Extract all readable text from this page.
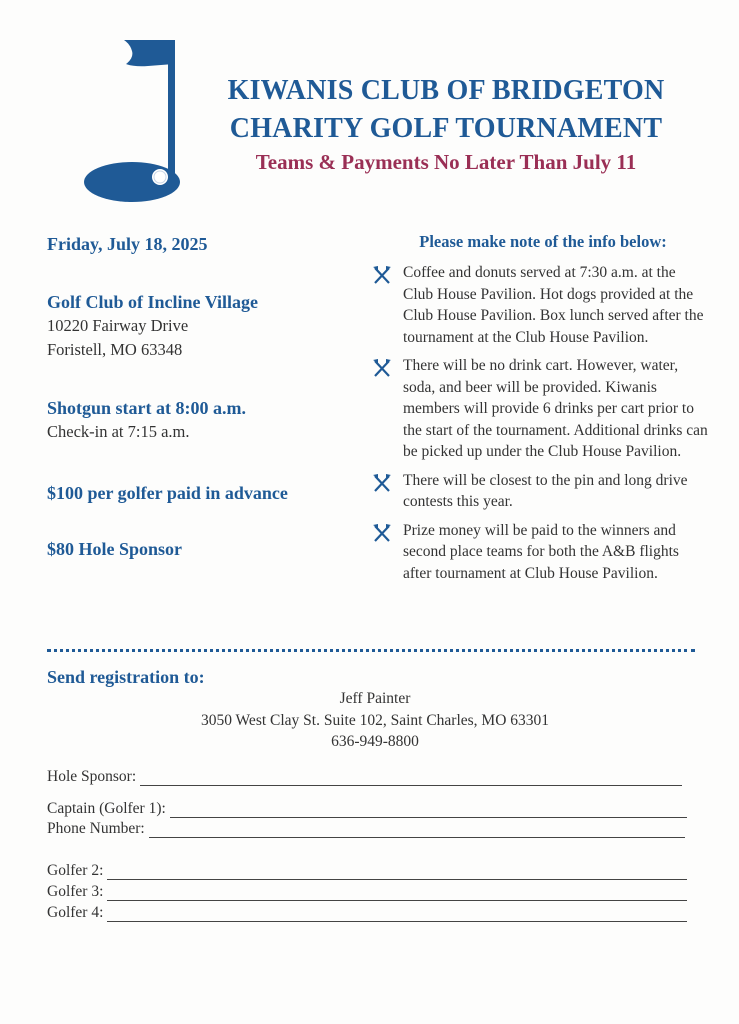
KIWANIS CLUB OF BRIDGETON
CHARITY GOLF TOURNAMENT
Teams & Payments No Later Than July 11
Friday, July 18, 2025
Golf Club of Incline Village
10220 Fairway Drive
Foristell, MO 63348
Shotgun start at 8:00 a.m.
Check-in at 7:15 a.m.
$100 per golfer paid in advance
$80 Hole Sponsor
Please make note of the info below:
Coffee and donuts served at 7:30 a.m. at the Club House Pavilion. Hot dogs provided at the Club House Pavilion. Box lunch served after the tournament at the Club House Pavilion.
There will be no drink cart. However, water, soda, and beer will be provided. Kiwanis members will provide 6 drinks per cart prior to the start of the tournament. Additional drinks can be picked up under the Club House Pavilion.
There will be closest to the pin and long drive contests this year.
Prize money will be paid to the winners and second place teams for both the A&B flights after tournament at Club House Pavilion.
Send registration to:
Jeff Painter
3050 West Clay St. Suite 102, Saint Charles, MO 63301
636-949-8800
Hole Sponsor:
Captain (Golfer 1):
Phone Number:
Golfer 2:
Golfer 3:
Golfer 4:
